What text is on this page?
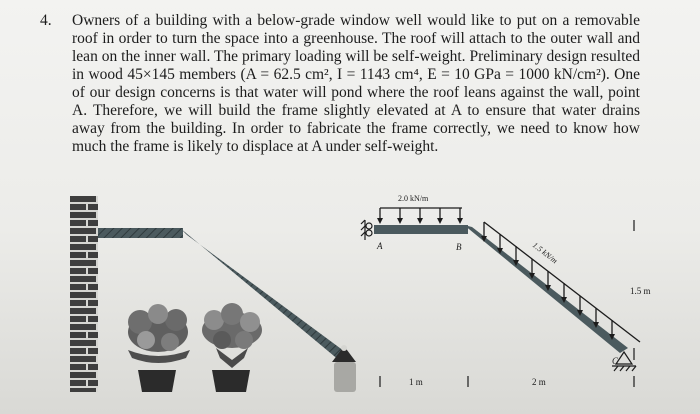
4.	Owners of a building with a below-grade window well would like to put on a removable roof in order to turn the space into a greenhouse. The roof will attach to the outer wall and lean on the inner wall. The primary loading will be self-weight. Preliminary design resulted in wood 45×145 members (A = 62.5 cm², I = 1143 cm⁴, E = 10 GPa = 1000 kN/cm²). One of our design concerns is that water will pond where the roof leans against the wall, point A. Therefore, we will build the frame slightly elevated at A to ensure that water drains away from the building. In order to fabricate the frame correctly, we need to know how much the frame is likely to displace at A under self-weight.
2.0 kN/m
1.5 kN/m
A	B
C
1 m	2 m
1.5 m
